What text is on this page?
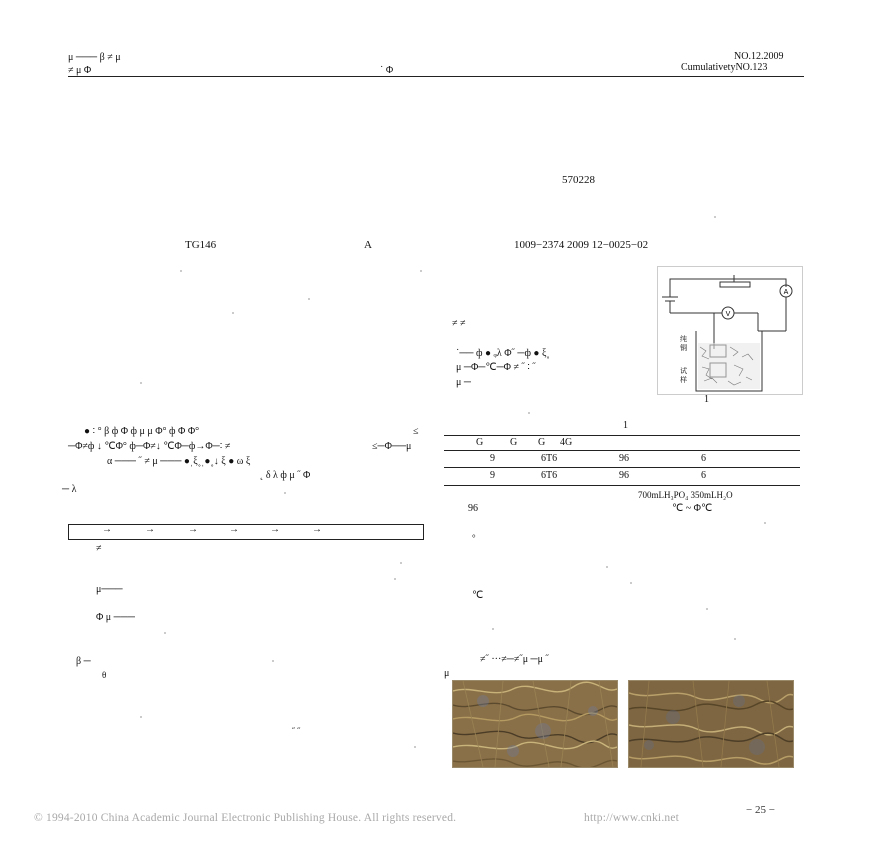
μ ─── β ≠ μ
≠ μ Φ	˙ Φ
NO.12.2009
CumulativetyNO.123
570228
TG146	A	1009−2374 2009 12−0025−02
● ∶ ° β ф Φ ф μ μ Φ° ф Φ Φ°	≤
─Φ≠ф ↓ ℃Φ° ф─Φ≠↓ ℃Φ─ф→Φ─∶ ≠	≤─Φ──μ
α ─── ˝ ≠ μ ─── ●ˌξ˳ˌ●˳↓ ξ ● ω ξ
˛ δ λ ф μ ˝ Φ
─ λ
→	→	→	→	→	→
≠
μ───
Φ μ ───
β ─
θ
˝ ˝
≠ ≠
˙── ф ● ᵩλ Φ˝ ─ф ● ξ˳
μ ─Φ─℃─Φ ≠ ˝ ∶ ˝
μ ─
A
V
纯
铜
试
样
1
1
G	G G 4G
9	6T6	96	6
9	6T6	96	6
700mLH₃PO₄ 350mLH₂O
96	℃ ~ Φ℃
°
℃
≠˝ ···≠─≠˝μ ─μ ˝
μ
© 1994-2010 China Academic Journal Electronic Publishing House. All rights reserved.	http://www.cnki.net
− 25 −
